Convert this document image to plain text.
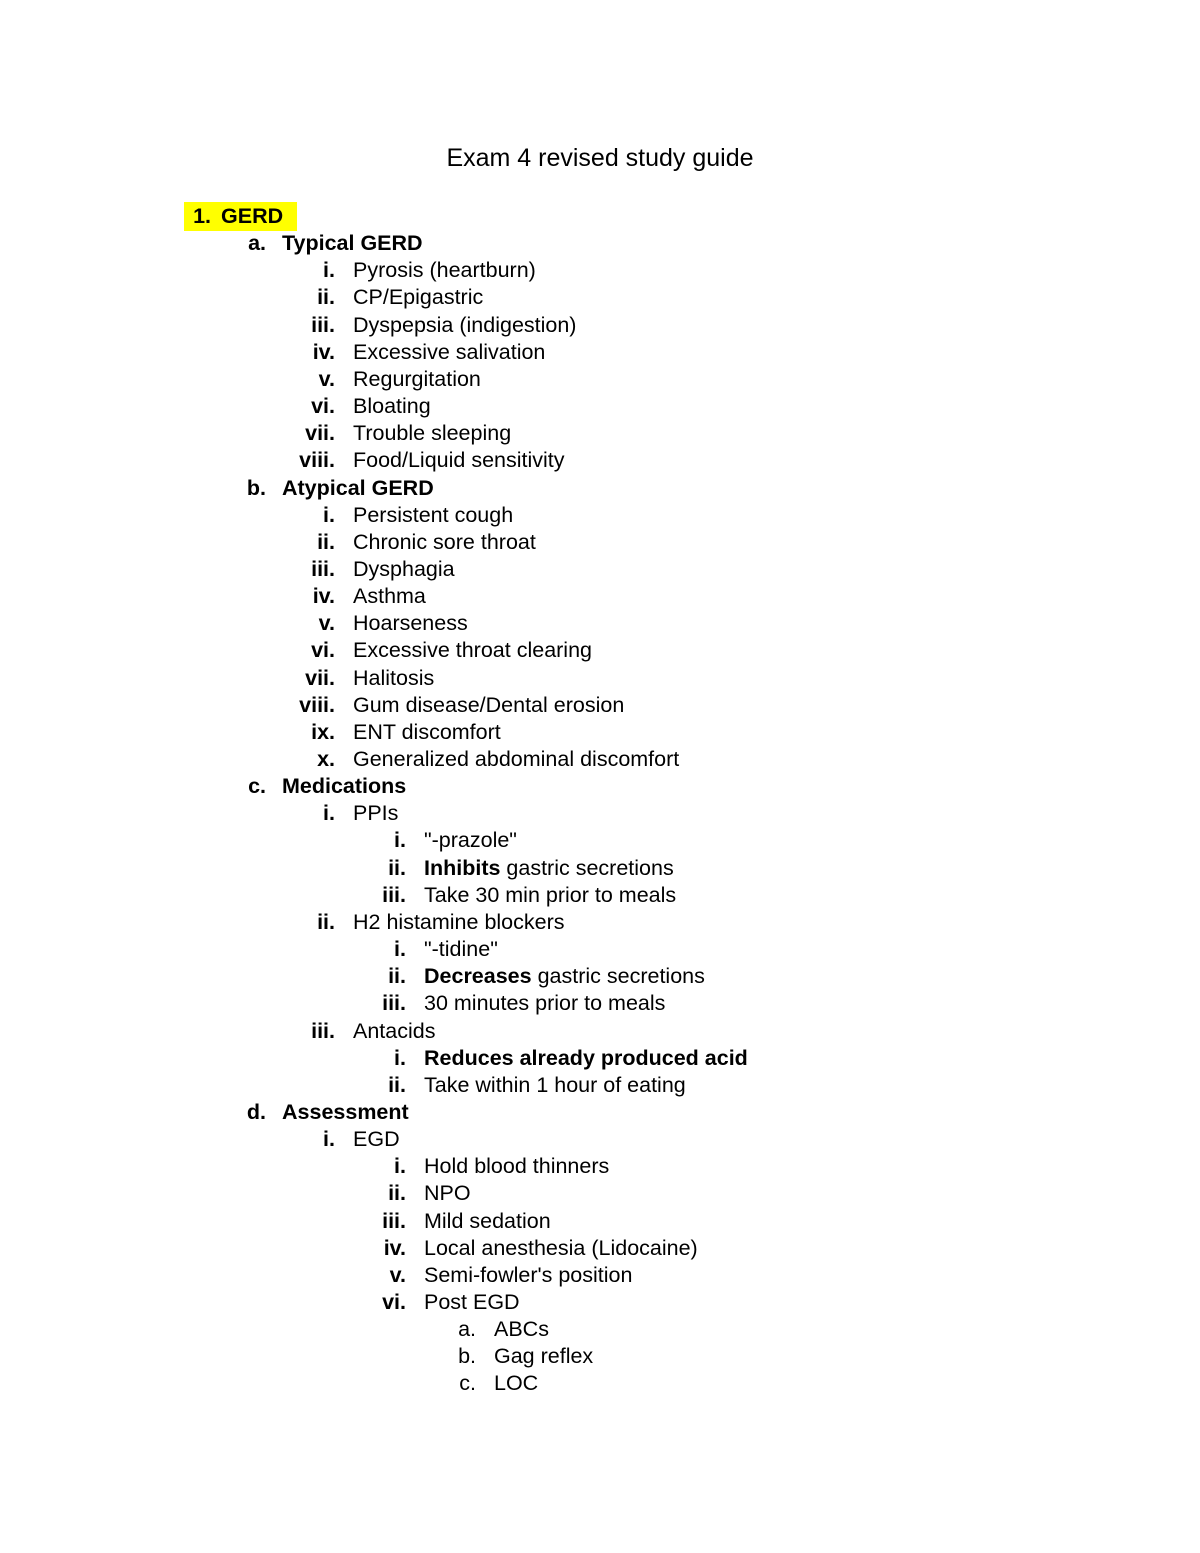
Exam 4 revised study guide
1. GERD
a. Typical GERD
i. Pyrosis (heartburn)
ii. CP/Epigastric
iii. Dyspepsia (indigestion)
iv. Excessive salivation
v. Regurgitation
vi. Bloating
vii. Trouble sleeping
viii. Food/Liquid sensitivity
b. Atypical GERD
i. Persistent cough
ii. Chronic sore throat
iii. Dysphagia
iv. Asthma
v. Hoarseness
vi. Excessive throat clearing
vii. Halitosis
viii. Gum disease/Dental erosion
ix. ENT discomfort
x. Generalized abdominal discomfort
c. Medications
i. PPIs
i. "-prazole"
ii. Inhibits gastric secretions
iii. Take 30 min prior to meals
ii. H2 histamine blockers
i. "-tidine"
ii. Decreases gastric secretions
iii. 30 minutes prior to meals
iii. Antacids
i. Reduces already produced acid
ii. Take within 1 hour of eating
d. Assessment
i. EGD
i. Hold blood thinners
ii. NPO
iii. Mild sedation
iv. Local anesthesia (Lidocaine)
v. Semi-fowler's position
vi. Post EGD
a. ABCs
b. Gag reflex
c. LOC
